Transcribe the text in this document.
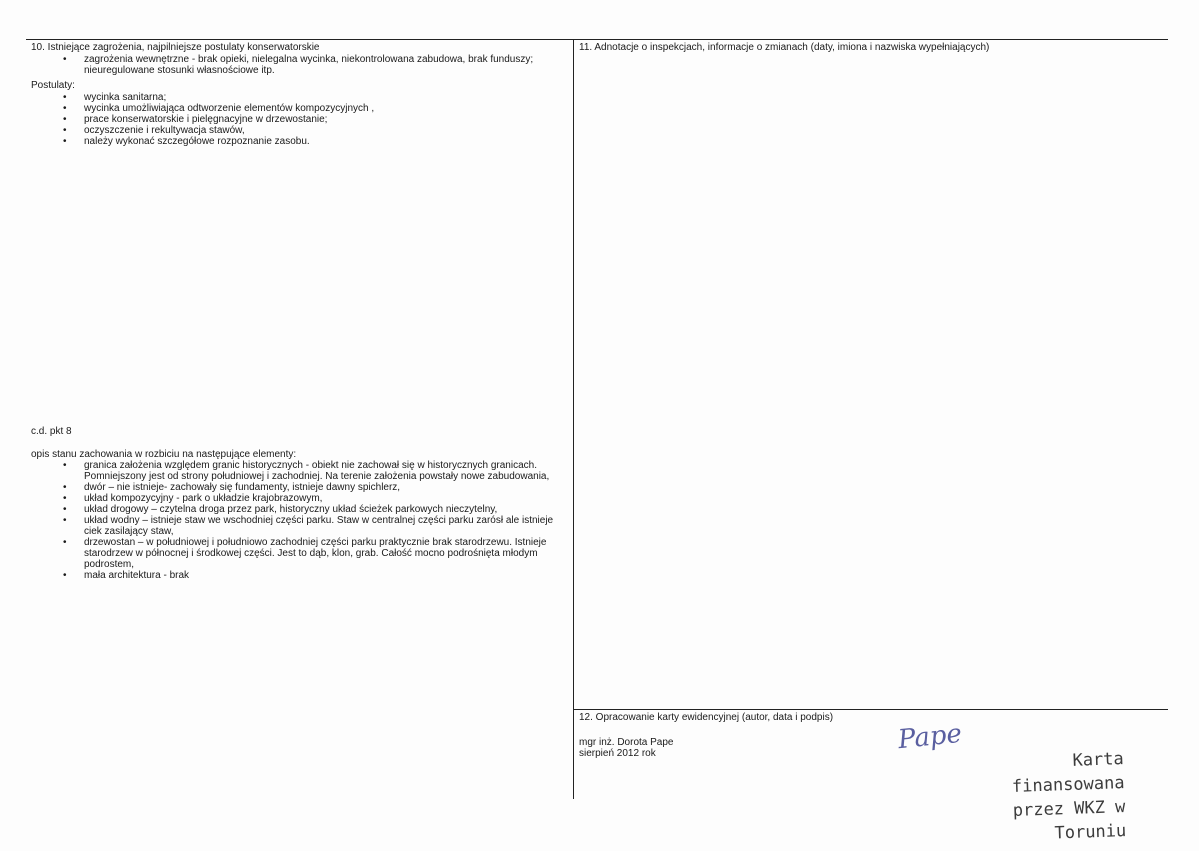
10. Istniejące zagrożenia, najpilniejsze postulaty konserwatorskie
• zagrożenia wewnętrzne - brak opieki, nielegalna wycinka, niekontrolowana zabudowa, brak funduszy; nieuregulowane stosunki własnościowe itp.
Postulaty:
• wycinka sanitarna;
• wycinka umożliwiająca odtworzenie elementów kompozycyjnych ,
• prace konserwatorskie i pielęgnacyjne w drzewostanie;
• oczyszczenie i rekultywacja stawów,
• należy wykonać szczegółowe rozpoznanie zasobu.
c.d. pkt 8
opis stanu zachowania w rozbiciu na następujące elementy:
• granica założenia względem granic historycznych - obiekt nie zachował się w historycznych granicach. Pomniejszony jest od strony południowej i zachodniej. Na terenie założenia powstały nowe zabudowania,
• dwór – nie istnieje- zachowały się fundamenty, istnieje dawny spichlerz,
• układ kompozycyjny - park o układzie krajobrazowym,
• układ drogowy – czytelna droga przez park, historyczny układ ścieżek parkowych nieczytelny,
• układ wodny – istnieje staw we wschodniej części parku. Staw w centralnej części parku zarósł ale istnieje ciek zasilający staw,
• drzewostan – w południowej i południowo zachodniej części parku praktycznie brak starodrzewu. Istnieje starodrzew w północnej i środkowej części. Jest to dąb, klon, grab. Całość mocno podrośnięta młodym podrostem,
• mała architektura - brak
11. Adnotacje o inspekcjach, informacje o zmianach (daty, imiona i nazwiska wypełniających)
12. Opracowanie karty ewidencyjnej (autor, data i podpis)
mgr inż. Dorota Pape
sierpień 2012 rok	Pape
Karta finansowana
przez WKZ w Toruniu
